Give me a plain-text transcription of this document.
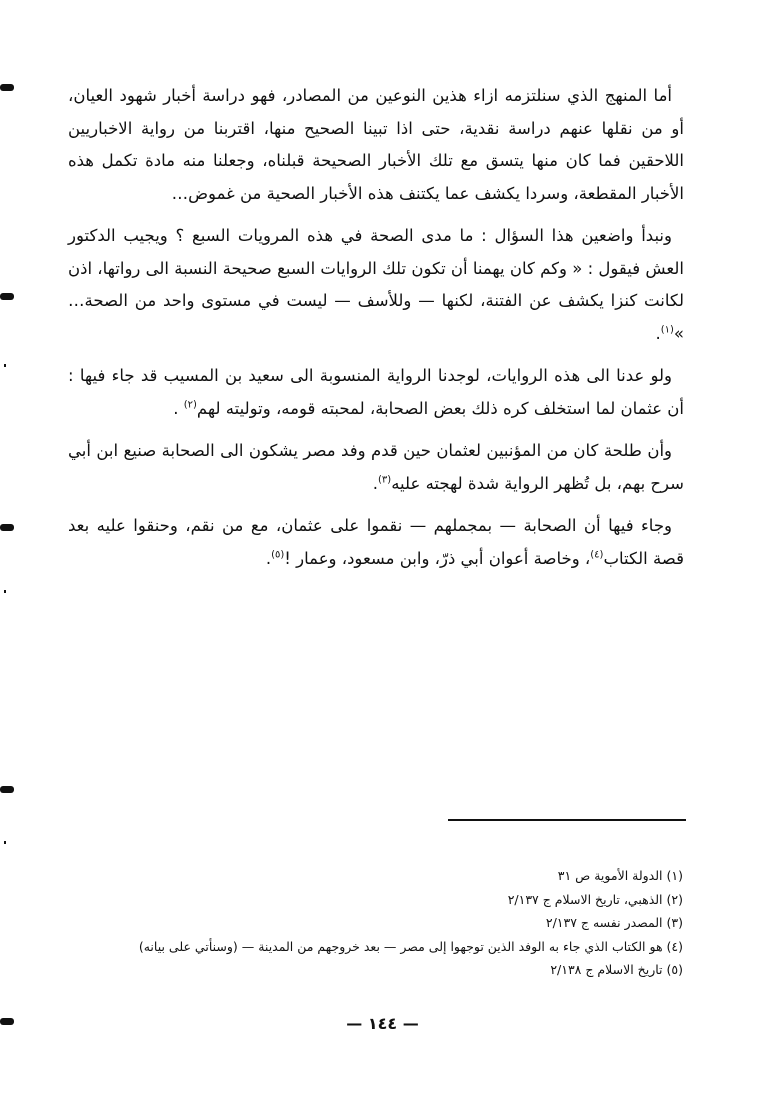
أما المنهج الذي سنلتزمه ازاء هذين النوعين من المصادر، فهو دراسة أخبار شهود العيان، أو من نقلها عنهم دراسة نقدية، حتى اذا تبينا الصحيح منها، اقتربنا من رواية الاخباريين اللاحقين فما كان منها يتسق مع تلك الأخبار الصحيحة قبلناه، وجعلنا منه مادة تكمل هذه الأخبار المقطعة، وسردا يكشف عما يكتنف هذه الأخبار الصحية من غموض…

ونبدأ واضعين هذا السؤال : ما مدى الصحة في هذه المرويات السبع ؟ ويجيب الدكتور العش فيقول : « وكم كان يهمنا أن تكون تلك الروايات السبع صحيحة النسبة الى رواتها، اذن لكانت كنزا يكشف عن الفتنة، لكنها — وللأسف — ليست في مستوى واحد من الصحة… »$^{(١)}$.

ولو عدنا الى هذه الروايات، لوجدنا الرواية المنسوبة الى سعيد بن المسيب قد جاء فيها : أن عثمان لما استخلف كره ذلك بعض الصحابة، لمحبته قومه، وتوليته لهم$^{(٢)}$ .

وأن طلحة كان من المؤنبين لعثمان حين قدم وفد مصر يشكون الى الصحابة صنيع ابن أبي سرح بهم، بل تُظهر الرواية شدة لهجته عليه$^{(٣)}$.

وجاء فيها أن الصحابة — بمجملهم — نقموا على عثمان، مع من نقم، وحنقوا عليه بعد قصة الكتاب$^{(٤)}$، وخاصة أعوان أبي ذرّ، وابن مسعود، وعمار !$^{(٥)}$.

(١) الدولة الأموية ص ٣١
(٢) الذهبي، تاريخ الاسلام ج ٢/١٣٧
(٣) المصدر نفسه ج ٢/١٣٧
(٤) هو الكتاب الذي جاء به الوفد الذين توجهوا إلى مصر — بعد خروجهم من المدينة — (وسنأتي على بيانه)
(٥) تاريخ الاسلام ج ٢/١٣٨
— ١٤٤ —
